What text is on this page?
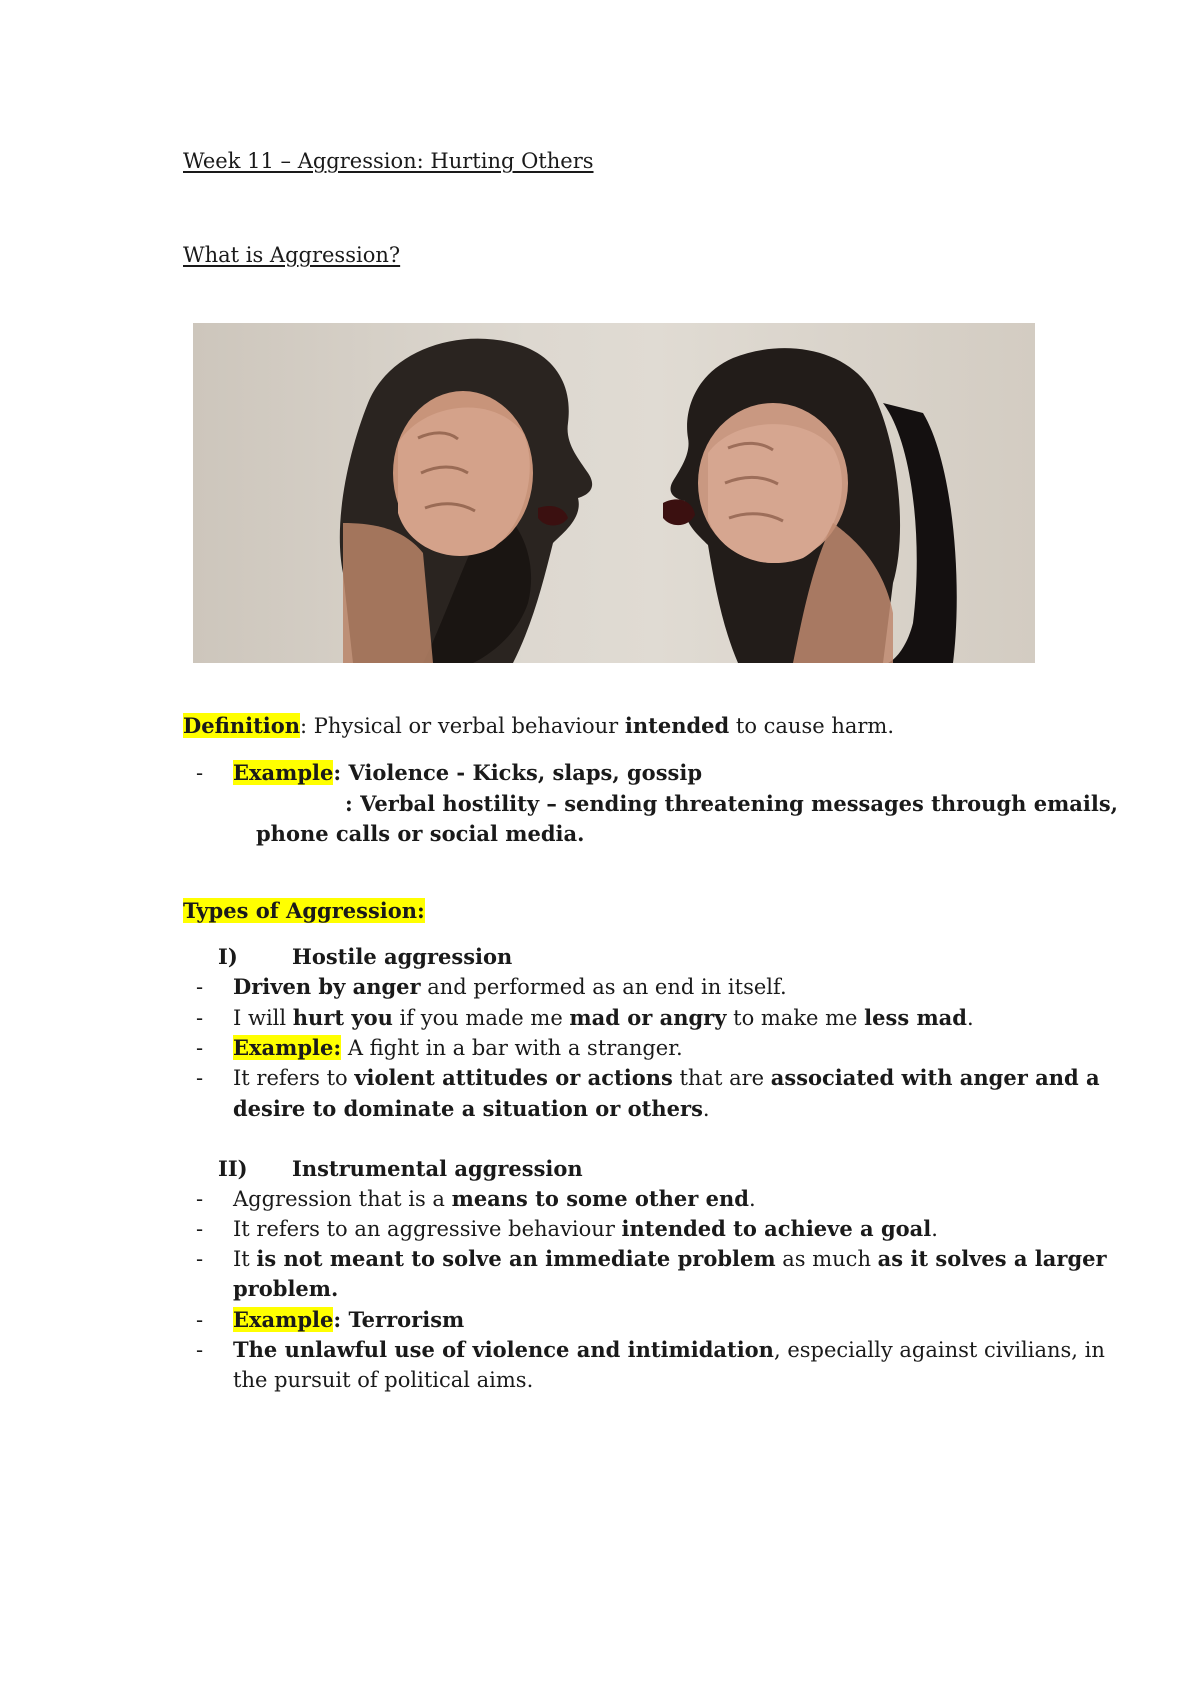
Week 11 – Aggression: Hurting Others
What is Aggression?
Definition: Physical or verbal behaviour intended to cause harm.
- Example: Violence - Kicks, slaps, gossip
: Verbal hostility – sending threatening messages through emails,
phone calls or social media.
Types of Aggression:
I)	Hostile aggression
- Driven by anger and performed as an end in itself.
- I will hurt you if you made me mad or angry to make me less mad.
- Example: A fight in a bar with a stranger.
- It refers to violent attitudes or actions that are associated with anger and a
desire to dominate a situation or others.
II) Instrumental aggression
- Aggression that is a means to some other end.
- It refers to an aggressive behaviour intended to achieve a goal.
- It is not meant to solve an immediate problem as much as it solves a larger
problem.
- Example: Terrorism
- The unlawful use of violence and intimidation, especially against civilians, in
the pursuit of political aims.
